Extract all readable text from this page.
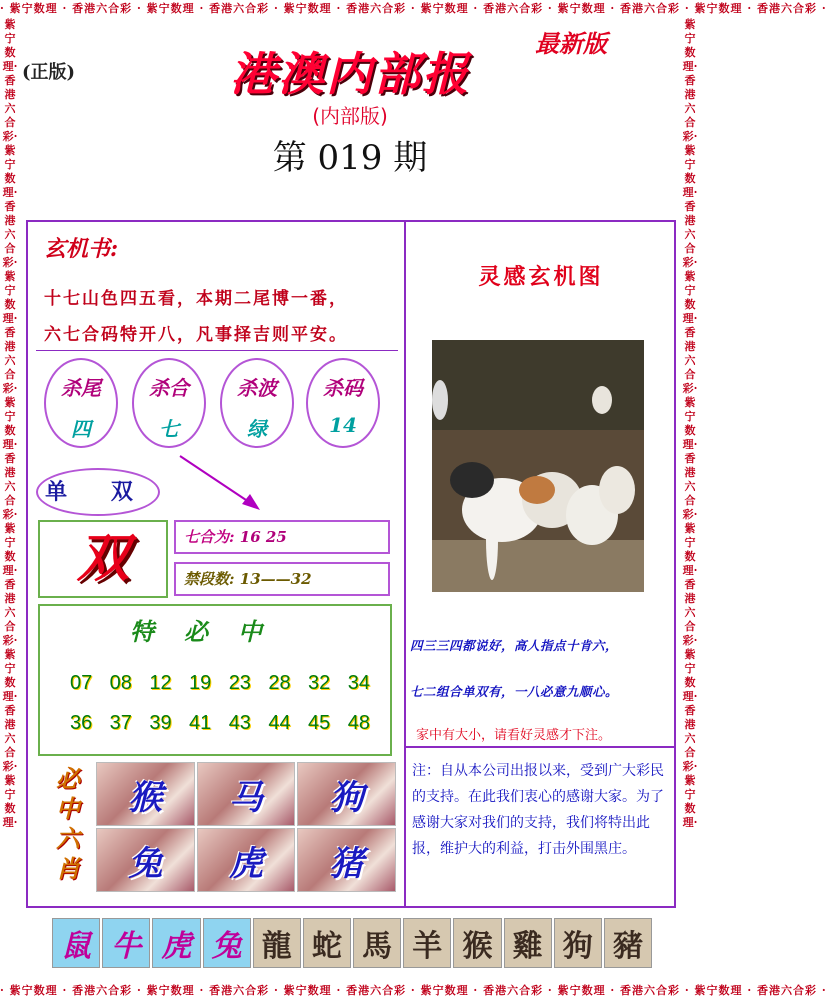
· 紫宁数理 · 香港六合彩 · 紫宁数理 · 香港六合彩 · 紫宁数理 · 香港六合彩 · 紫宁数理 · 香港六合彩 · 紫宁数理 · 香港六合彩 · 紫宁数理 · 香港六合彩 ·
· 紫宁数理 · 香港六合彩 · 紫宁数理 · 香港六合彩 · 紫宁数理 · 香港六合彩 · 紫宁数理 · 香港六合彩 · 紫宁数理 · 香港六合彩 · 紫宁数理 · 香港六合彩 ·
紫宁数理·香港六合彩·紫宁数理·香港六合彩·紫宁数理·香港六合彩·紫宁数理·香港六合彩·紫宁数理·香港六合彩·紫宁数理·香港六合彩·紫宁数理·
紫宁数理·香港六合彩·紫宁数理·香港六合彩·紫宁数理·香港六合彩·紫宁数理·香港六合彩·紫宁数理·香港六合彩·紫宁数理·香港六合彩·紫宁数理·
(正版)
最新版
港澳内部报
(内部版)
第 019 期
玄机书:
十七山色四五看，本期二尾博一番，
六七合码特开八，凡事择吉则平安。
杀尾
四
杀合
七
杀波
绿
杀码
14
单 双
双	七合为: 16 25
禁段数: 13——32
特必中
07 08 12 19 23 28 32 34
36 37 39 41 43 44 45 48
必中六肖
猴	马	狗
兔	虎	猪
灵感玄机图
四三三四都说好，高人指点十肯六，
七二组合单双有，一八必意九顺心。
家中有大小，请看好灵感才下注。
注：自从本公司出报以来，受到广大彩民的支持。在此我们衷心的感谢大家。为了感谢大家对我们的支持，我们将特出此报，维护大的利益，打击外围黑庄。
鼠 牛 虎 兔 龍 蛇 馬 羊 猴 雞 狗 豬
